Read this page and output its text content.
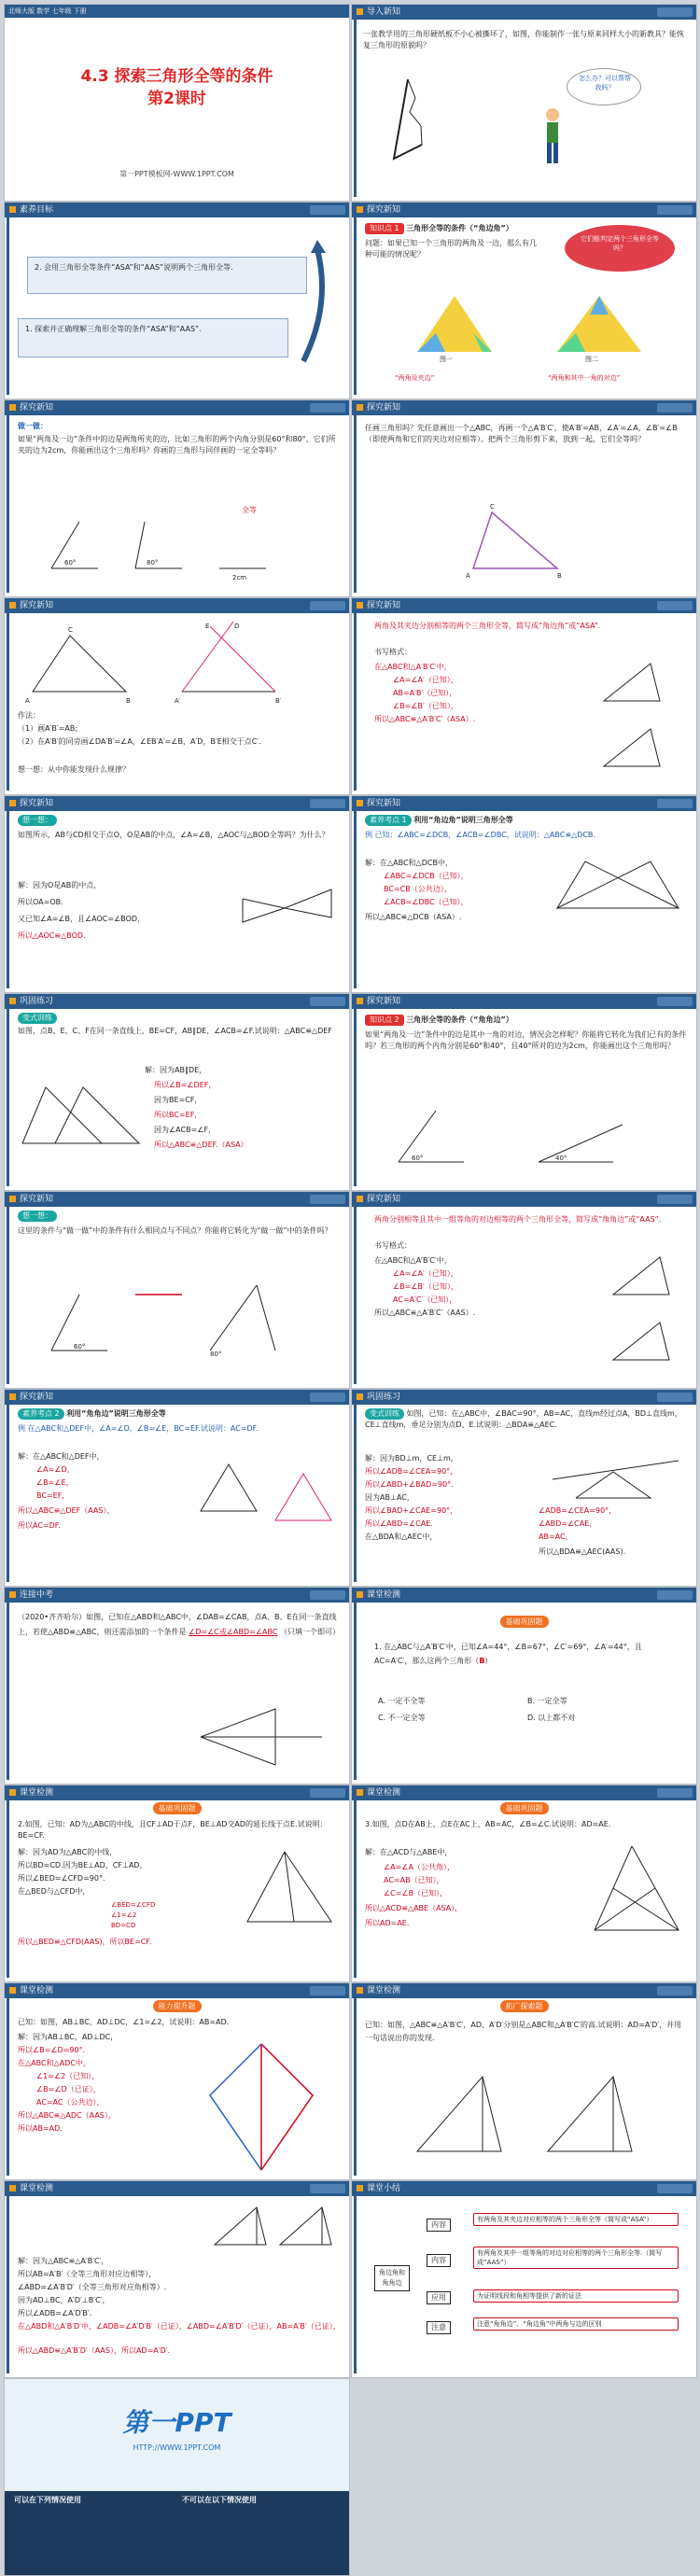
北师大版 数学 七年级 下册
4.3 探索三角形全等的条件
第2课时
第一PPT模板网-WWW.1PPT.COM
导入新知
一张教学用的三角形硬纸板不小心被撕坏了，如图，你能制作一张与原来同样大小的新教具？能恢复三角形的原貌吗？
怎么办？可以帮帮我吗？
素养目标
2. 会用三角形全等条件“ASA”和“AAS”说明两个三角形全等.
1. 探索并正确理解三角形全等的条件“ASA”和“AAS”.
探究新知
知识点 1 三角形全等的条件（“角边角”）
问题：如果已知一个三角形的两角及一边，那么有几种可能的情况呢？
它们能判定两个三角形全等吗？
图一	图二
“两角及夹边”	“两角和其中一角的对边”
探究新知
做一做：
如果“两角及一边”条件中的边是两角所夹的边，比如三角形的两个内角分别是60°和80°，它们所夹的边为2cm，你能画出这个三角形吗？你画的三角形与同伴画的一定全等吗？
全等
60°	80°
2cm
探究新知
任画三角形吗？先任意画出一个△ABC，再画一个△A′B′C′，使A′B′=AB，∠A′=∠A，∠B′=∠B（即使两角和它们的夹边对应相等）。把两个三角形剪下来，放到一起，它们全等吗？
A	B
C
探究新知
A	B
C
A′	B′
D
E
作法：
（1）画A′B′=AB;
（2）在A′B′的同旁画∠DA′B′=∠A，∠EB′A′=∠B，A′D，B′E相交于点C′.
想一想：从中你能发现什么规律？
探究新知
两角及其夹边分别相等的两个三角形全等，简写成“角边角”或“ASA”.
书写格式：
在△ABC和△A′B′C′中，
∠A=∠A′（已知），
AB=A′B′（已知），
∠B=∠B′（已知），
所以△ABC≌△A′B′C′（ASA）.
探究新知
想一想：
如图所示，AB与CD相交于点O，O是AB的中点，∠A=∠B，△AOC与△BOD全等吗？为什么？
解：因为O是AB的中点，
所以OA=OB.
又已知∠A=∠B，且∠AOC=∠BOD，
所以△AOC≌△BOD.
探究新知
素养考点 1 利用“角边角”说明三角形全等
例 已知：∠ABC=∠DCB，∠ACB=∠DBC，试说明：△ABC≌△DCB.
解：在△ABC和△DCB中，
∠ABC=∠DCB（已知），
BC=CB（公共边），
∠ACB=∠DBC（已知），
所以△ABC≌△DCB（ASA）.
巩固练习
变式训练
如图，点B、E、C、F在同一条直线上，BE=CF，AB∥DE，∠ACB=∠F.试说明：△ABC≌△DEF
解：因为AB∥DE，
所以∠B=∠DEF，
因为BE=CF，
所以BC=EF，
因为∠ACB=∠F，
所以△ABC≌△DEF.（ASA）
探究新知
知识点 2 三角形全等的条件（“角角边”）
如果“两角及一边”条件中的边是其中一角的对边，情况会怎样呢？你能将它转化为我们已有的条件吗？若三角形的两个内角分别是60°和40°，且40°所对的边为2cm，你能画出这个三角形吗？
60°	40°
探究新知
想一想：
这里的条件与“做一做”中的条件有什么相同点与不同点？你能将它转化为“做一做”中的条件吗？
60°
80°
探究新知
两角分别相等且其中一组等角的对边相等的两个三角形全等，简写成“角角边”或“AAS”.
书写格式：
在△ABC和△A′B′C′中，
∠A=∠A′（已知），
∠B=∠B′（已知），
AC=A′C′（已知），
所以△ABC≌△A′B′C′（AAS）.
探究新知
素养考点 2 利用“角角边”说明三角形全等
例 在△ABC和△DEF中，∠A=∠D，∠B=∠E，BC=EF.试说明：AC=DF.
解：在△ABC和△DEF中，
∠A=∠D，
∠B=∠E，
BC=EF，
所以△ABC≌△DEF（AAS），
所以AC=DF.
巩固练习
变式训练 如图，已知：在△ABC中，∠BAC=90°，AB=AC，直线m经过点A，BD⊥直线m，CE⊥直线m，垂足分别为点D、E.试说明：△BDA≌△AEC.
解：因为BD⊥m，CE⊥m，
所以∠ADB=∠CEA=90°，
所以∠ABD+∠BAD=90°.
因为AB⊥AC，
所以∠BAD+∠CAE=90°，
所以∠ABD=∠CAE.
在△BDA和△AEC中，
∠ADB=∠CEA=90°，
∠ABD=∠CAE，
AB=AC，
所以△BDA≌△AEC(AAS).
连接中考
（2020•齐齐哈尔）如图，已知在△ABD和△ABC中，∠DAB=∠CAB，点A、B、E在同一条直线上，若使△ABD≌△ABC，则还需添加的一个条件是 ∠D=∠C或∠ABD=∠ABC （只填一个即可）
课堂检测
基础巩固题
1. 在△ABC与△A′B′C′中，已知∠A=44°，∠B=67°，∠C′=69°，∠A′=44°，且AC=A′C′，那么这两个三角形（B）
A. 一定不全等	B. 一定全等
C. 不一定全等	D. 以上都不对
课堂检测
基础巩固题
2.如图，已知：AD为△ABC的中线，且CF⊥AD于点F，BE⊥AD交AD的延长线于点E.试说明：BE=CF.
解：因为AD为△ABC的中线，
所以BD=CD.因为BE⊥AD，CF⊥AD，
所以∠BED=∠CFD=90°.
在△BED与△CFD中，
∠BED=∠CFD
∠1=∠2
BD=CD
所以△BED≌△CFD(AAS)，所以BE=CF.
课堂检测
基础巩固题
3.如图，点D在AB上，点E在AC上，AB=AC，∠B=∠C.试说明：AD=AE.
解：在△ACD与△ABE中，
∠A=∠A（公共角），
AC=AB（已知），
∠C=∠B（已知），
所以△ACD≌△ABE（ASA），
所以AD=AE.
课堂检测
能力提升题
已知：如图，AB⊥BC，AD⊥DC，∠1=∠2，试说明：AB=AD.
解：因为AB⊥BC，AD⊥DC，
所以∠B=∠D=90°.
在△ABC和△ADC中，
∠1=∠2（已知），
∠B=∠D（已证），
AC=AC（公共边），
所以△ABC≌△ADC（AAS），
所以AB=AD.
课堂检测
拓广探索题
已知：如图，△ABC≌△A′B′C′，AD、A′D′分别是△ABC和△A′B′C′的高.试说明：AD=A′D′，并用一句话说出你的发现.
课堂检测
解：因为△ABC≌△A′B′C′，
所以AB=A′B′（全等三角形对应边相等），
∠ABD=∠A′B′D′（全等三角形对应角相等）.
因为AD⊥BC，A′D′⊥B′C′，
所以∠ADB=∠A′D′B′.
在△ABD和△A′B′D′中，∠ADB=∠A′D′B′（已证），∠ABD=∠A′B′D′（已证），AB=A′B′（已证），
所以△ABD≌△A′B′D′（AAS），所以AD=A′D′.
课堂小结
角边角和角角边
内容
内容
应用
注意
有两角及其夹边对应相等的两个三角形全等（简写成“ASA”）
有两角及其中一组等角的对边对应相等的两个三角形全等.（简写成“AAS”）
为证明线段和角相等提供了新的证法
注意“角角边”、“角边角”中两角与边的区别
第一PPT
HTTP://WWW.1PPT.COM
可以在下列情况使用	不可以在以下情况使用
